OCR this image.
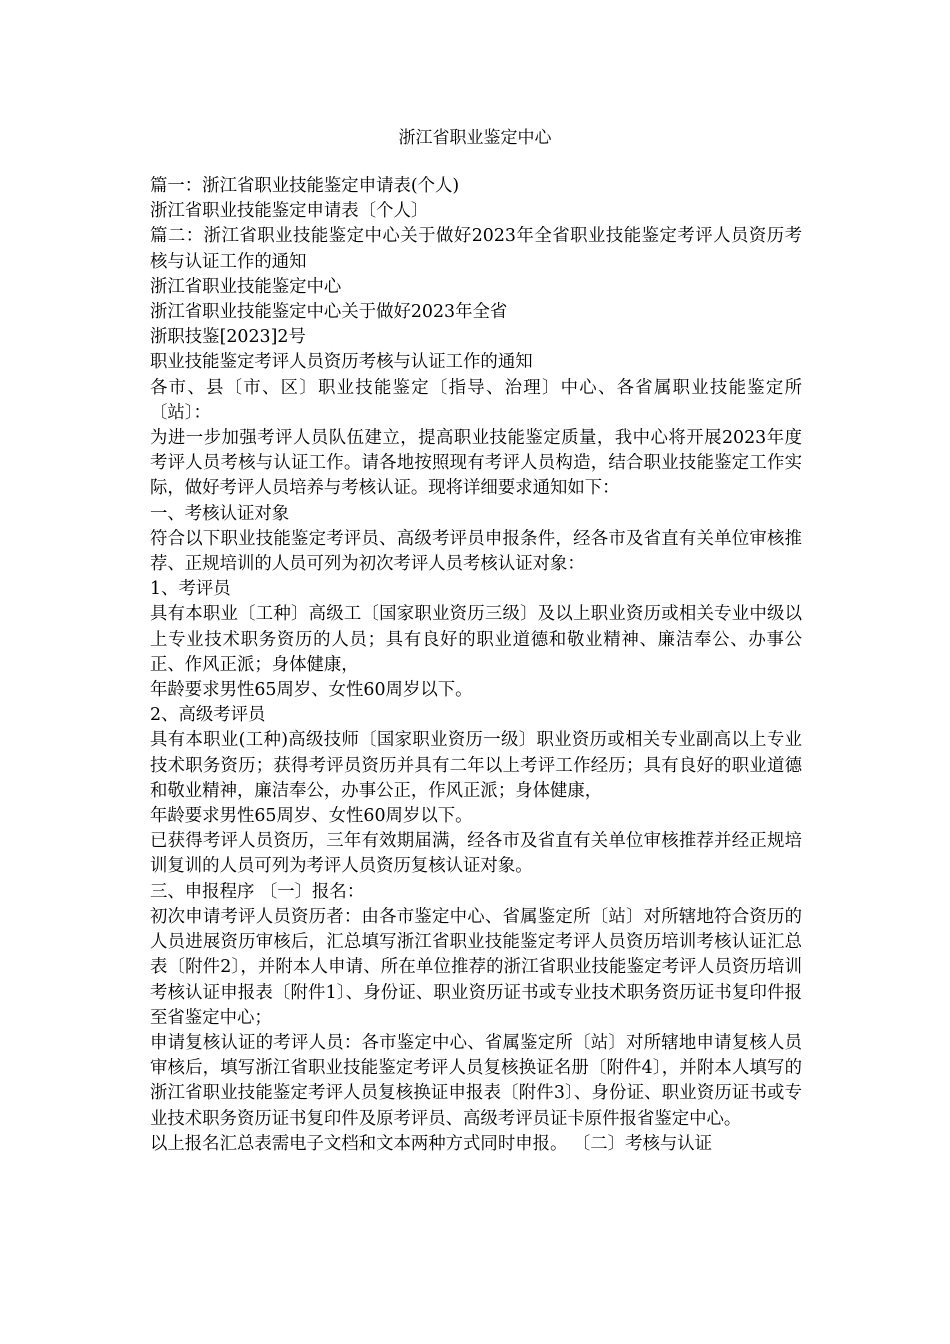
浙江省职业鉴定中心

篇一：浙江省职业技能鉴定申请表(个人)

浙江省职业技能鉴定申请表〔个人〕

篇二：浙江省职业技能鉴定中心关于做好2023年全省职业技能鉴定考评人员资历考核与认证工作的通知

浙江省职业技能鉴定中心

浙江省职业技能鉴定中心关于做好2023年全省

浙职技鉴[2023]2号

职业技能鉴定考评人员资历考核与认证工作的通知

各市、县〔市、区〕职业技能鉴定〔指导、治理〕中心、各省属职业技能鉴定所〔站〕：

为进一步加强考评人员队伍建立，提高职业技能鉴定质量，我中心将开展2023年度考评人员考核与认证工作。请各地按照现有考评人员构造，结合职业技能鉴定工作实际，做好考评人员培养与考核认证。现将详细要求通知如下：

一、考核认证对象

符合以下职业技能鉴定考评员、高级考评员申报条件，经各市及省直有关单位审核推荐、正规培训的人员可列为初次考评人员考核认证对象：

1、考评员

具有本职业〔工种〕高级工〔国家职业资历三级〕及以上职业资历或相关专业中级以上专业技术职务资历的人员；具有良好的职业道德和敬业精神、廉洁奉公、办事公正、作风正派；身体健康，

年龄要求男性65周岁、女性60周岁以下。

2、高级考评员

具有本职业(工种)高级技师〔国家职业资历一级〕职业资历或相关专业副高以上专业技术职务资历；获得考评员资历并具有二年以上考评工作经历；具有良好的职业道德和敬业精神，廉洁奉公，办事公正，作风正派；身体健康，

年龄要求男性65周岁、女性60周岁以下。

已获得考评人员资历，三年有效期届满，经各市及省直有关单位审核推荐并经正规培训复训的人员可列为考评人员资历复核认证对象。

三、申报程序 〔一〕报名：

初次申请考评人员资历者：由各市鉴定中心、省属鉴定所〔站〕对所辖地符合资历的人员进展资历审核后，汇总填写浙江省职业技能鉴定考评人员资历培训考核认证汇总表〔附件2〕，并附本人申请、所在单位推荐的浙江省职业技能鉴定考评人员资历培训考核认证申报表〔附件1〕、身份证、职业资历证书或专业技术职务资历证书复印件报至省鉴定中心；

申请复核认证的考评人员：各市鉴定中心、省属鉴定所〔站〕对所辖地申请复核人员审核后，填写浙江省职业技能鉴定考评人员复核换证名册〔附件4〕，并附本人填写的浙江省职业技能鉴定考评人员复核换证申报表〔附件3〕、身份证、职业资历证书或专业技术职务资历证书复印件及原考评员、高级考评员证卡原件报省鉴定中心。

以上报名汇总表需电子文档和文本两种方式同时申报。 〔二〕考核与认证
